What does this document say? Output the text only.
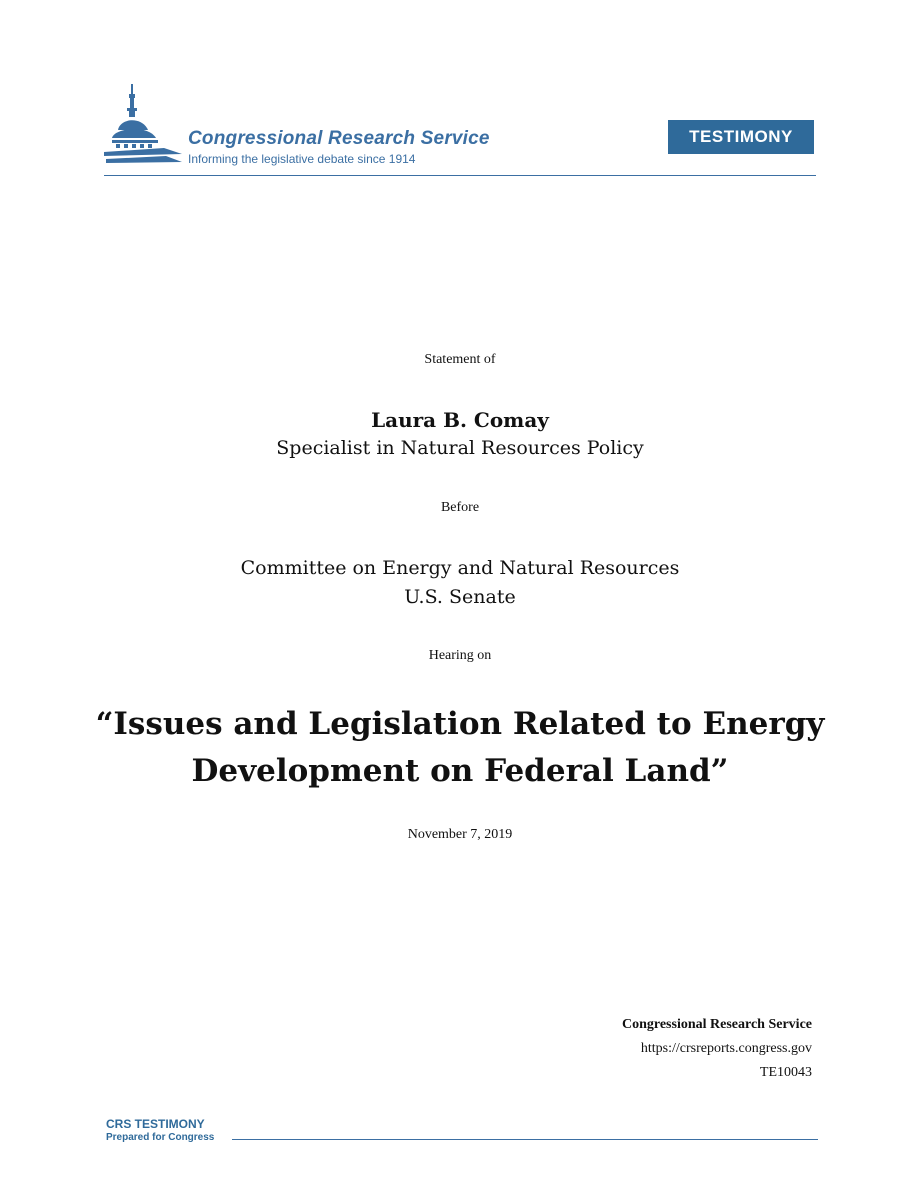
Congressional Research Service
Informing the legislative debate since 1914
TESTIMONY
Statement of
Laura B. Comay
Specialist in Natural Resources Policy
Before
Committee on Energy and Natural Resources
U.S. Senate
Hearing on
“Issues and Legislation Related to Energy
Development on Federal Land”
November 7, 2019
Congressional Research Service
https://crsreports.congress.gov
TE10043
CRS TESTIMONY
Prepared for Congress
